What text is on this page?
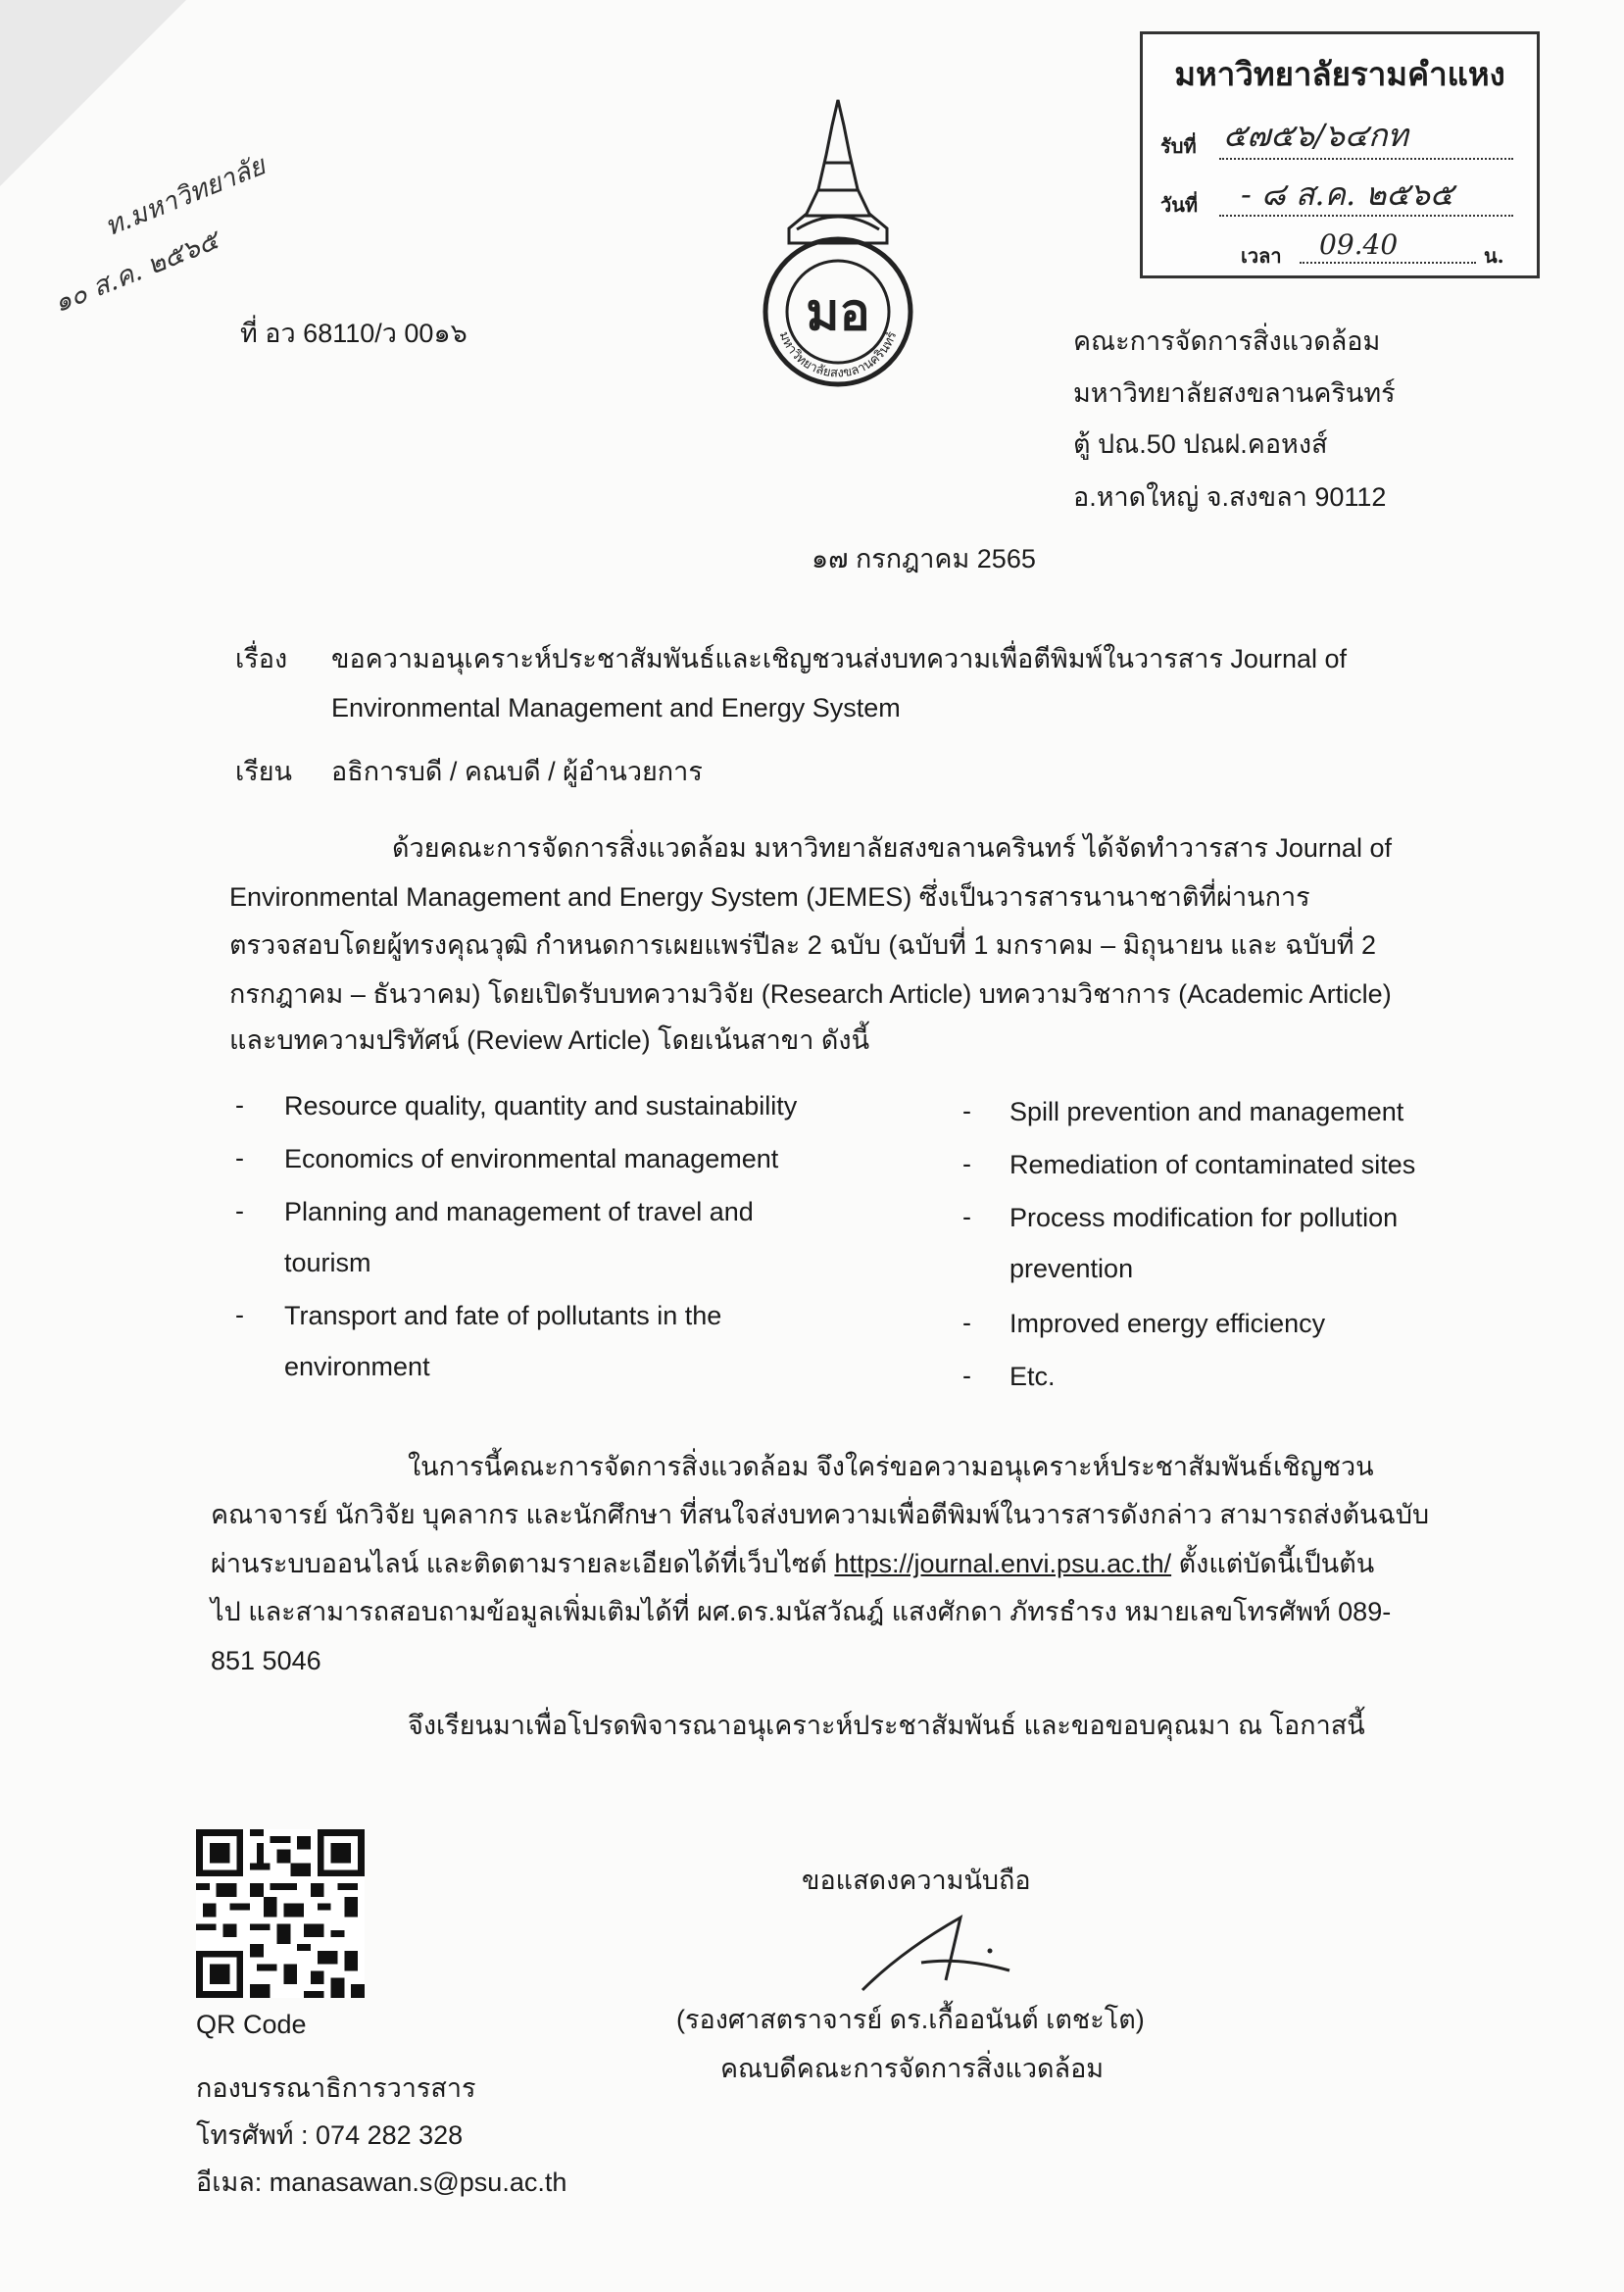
ท.มหาวิทยาลัย
๑๐ ส.ค. ๒๕๖๕	มอ
มหาวิทยาลัยสงขลานครินทร์
มหาวิทยาลัยรามคำแหง
รับที่ ๕๗๕๖/๖๔กท
วันที่ - ๘ ส.ค. ๒๕๖๕
เวลา 09.40	น.
ที่ อว 68110/ว 00๑๖	คณะการจัดการสิ่งแวดล้อม
มหาวิทยาลัยสงขลานครินทร์
ตู้ ปณ.50 ปณฝ.คอหงส์
อ.หาดใหญ่ จ.สงขลา 90112
๑๗ กรกฎาคม 2565
เรื่อง ขอความอนุเคราะห์ประชาสัมพันธ์และเชิญชวนส่งบทความเพื่อตีพิมพ์ในวารสาร Journal of
Environmental Management and Energy System
เรียน อธิการบดี / คณบดี / ผู้อำนวยการ
ด้วยคณะการจัดการสิ่งแวดล้อม มหาวิทยาลัยสงขลานครินทร์ ได้จัดทำวารสาร Journal of
Environmental Management and Energy System (JEMES) ซึ่งเป็นวารสารนานาชาติที่ผ่านการ
ตรวจสอบโดยผู้ทรงคุณวุฒิ กำหนดการเผยแพร่ปีละ 2 ฉบับ (ฉบับที่ 1 มกราคม – มิถุนายน และ ฉบับที่ 2
กรกฎาคม – ธันวาคม) โดยเปิดรับบทความวิจัย (Research Article) บทความวิชาการ (Academic Article)
และบทความปริทัศน์ (Review Article) โดยเน้นสาขา ดังนี้
- Resource quality, quantity and sustainability
- Economics of environmental management
- Planning and management of travel and
tourism
- Transport and fate of pollutants in the
environment
- Spill prevention and management
- Remediation of contaminated sites
- Process modification for pollution
prevention
- Improved energy efficiency
- Etc.
ในการนี้คณะการจัดการสิ่งแวดล้อม จึงใคร่ขอความอนุเคราะห์ประชาสัมพันธ์เชิญชวน
คณาจารย์ นักวิจัย บุคลากร และนักศึกษา ที่สนใจส่งบทความเพื่อตีพิมพ์ในวารสารดังกล่าว สามารถส่งต้นฉบับ
ผ่านระบบออนไลน์ และติดตามรายละเอียดได้ที่เว็บไซต์ https://journal.envi.psu.ac.th/ ตั้งแต่บัดนี้เป็นต้น
ไป และสามารถสอบถามข้อมูลเพิ่มเติมได้ที่ ผศ.ดร.มนัสวัณฎ์ แสงศักดา ภัทรธำรง หมายเลขโทรศัพท์ 089-
851 5046
จึงเรียนมาเพื่อโปรดพิจารณาอนุเคราะห์ประชาสัมพันธ์ และขอขอบคุณมา ณ โอกาสนี้
QR Code
กองบรรณาธิการวารสาร
โทรศัพท์ : 074 282 328
อีเมล: manasawan.s@psu.ac.th
ขอแสดงความนับถือ
(รองศาสตราจารย์ ดร.เกื้ออนันต์ เตชะโต)
คณบดีคณะการจัดการสิ่งแวดล้อม
